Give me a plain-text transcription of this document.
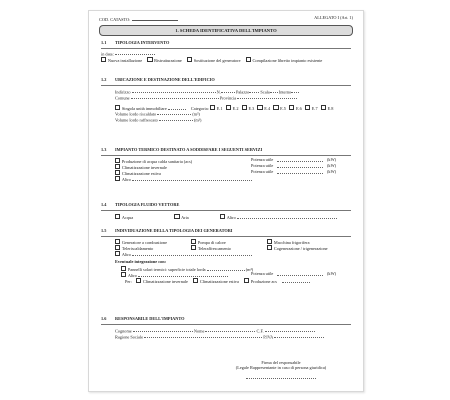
COD. CATASTO:	ALLEGATO I (Art. 1)
1. SCHEDA IDENTIFICATIVA DELL'IMPIANTO
1.1 TIPOLOGIA INTERVENTO
in data:
Nuova installazione	Ristrutturazione	Sostituzione del generatore	Compilazione libretto impianto esistente
1.2 UBICAZIONE E DESTINAZIONE DELL'EDIFICIO
Indirizzo	N.	Palazzo	Scala Interno
Comune	Provincia
Singola unità immobiliare	Categoria: E.1 E.2 E.3 E.4 E.5 E.6 E.7 E.8
Volume lordo riscaldato	(m³)
Volume lordo raffrescato	(m³)
1.3 IMPIANTO TERMICO DESTINATO A SODDISFARE I SEGUENTI SERVIZI
Produzione di acqua calda sanitaria (acs)	Potenza utile	(kW)
Climatizzazione invernale	Potenza utile	(kW)
Climatizzazione estiva	Potenza utile	(kW)
Altro
1.4 TIPOLOGIA FLUIDO VETTORE
Acqua	Aria	Altro
1.5 INDIVIDUAZIONE DELLA TIPOLOGIA DEI GENERATORI
Generatore a combustione	Pompa di calore	Macchina frigorifera
Teleriscaldamento	Teleraffrescamento	Cogenerazione / trigenerazione
Altro
Eventuale integrazione con:
Pannelli solari termici: superficie totale lorda	(m²)
Altro	Potenza utile	(kW)
Per:	Climatizzazione invernale	Climatizzazione estiva	Produzione acs
1.6 RESPONSABILE DELL'IMPIANTO
Cognome	Nome	C.F.
Ragione Sociale	P.IVA
Firma del responsabile
(Legale Rappresentante in caso di persona giuridica)
